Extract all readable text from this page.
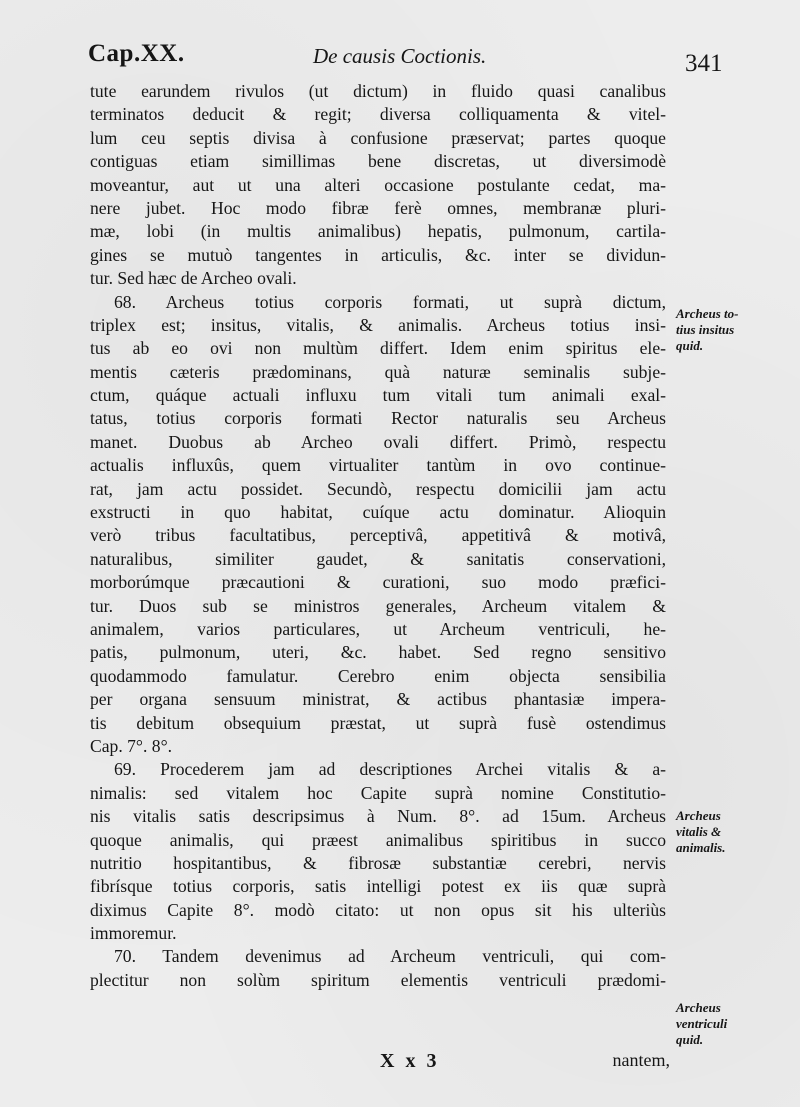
Cap.XX.	De causis Coctionis.	341
tute earundem rivulos (ut dictum) in fluido quasi canalibus
terminatos deducit & regit; diversa colliquamenta & vitel-
lum ceu septis divisa à confusione præservat; partes quoque
contiguas etiam simillimas bene discretas, ut diversimodè
moveantur, aut ut una alteri occasione postulante cedat, ma-
nere jubet. Hoc modo fibræ ferè omnes, membranæ pluri-
mæ, lobi (in multis animalibus) hepatis, pulmonum, cartila-
gines se mutuò tangentes in articulis, &c. inter se dividun-
tur. Sed hæc de Archeo ovali.
68. Archeus totius corporis formati, ut suprà dictum,
triplex est; insitus, vitalis, & animalis. Archeus totius insi-
tus ab eo ovi non multùm differt. Idem enim spiritus ele-
mentis cæteris prædominans, quà naturæ seminalis subje-
ctum, quáque actuali influxu tum vitali tum animali exal-
tatus, totius corporis formati Rector naturalis seu Archeus
manet. Duobus ab Archeo ovali differt. Primò, respectu
actualis influxûs, quem virtualiter tantùm in ovo continue-
rat, jam actu possidet. Secundò, respectu domicilii jam actu
exstructi in quo habitat, cuíque actu dominatur. Alioquin
verò tribus facultatibus, perceptivâ, appetitivâ & motivâ,
naturalibus, similiter gaudet, & sanitatis conservationi,
morborúmque præcautioni & curationi, suo modo præfici-
tur. Duos sub se ministros generales, Archeum vitalem &
animalem, varios particulares, ut Archeum ventriculi, he-
patis, pulmonum, uteri, &c. habet. Sed regno sensitivo
quodammodo famulatur. Cerebro enim objecta sensibilia
per organa sensuum ministrat, & actibus phantasiæ impera-
tis debitum obsequium præstat, ut suprà fusè ostendimus
Cap. 7°. 8°.
69. Procederem jam ad descriptiones Archei vitalis & a-
nimalis: sed vitalem hoc Capite suprà nomine Constitutio-
nis vitalis satis descripsimus à Num. 8°. ad 15um. Archeus
quoque animalis, qui præest animalibus spiritibus in succo
nutritio hospitantibus, & fibrosæ substantiæ cerebri, nervis
fibrísque totius corporis, satis intelligi potest ex iis quæ suprà
diximus Capite 8°. modò citato: ut non opus sit his ulteriùs
immoremur.
70. Tandem devenimus ad Archeum ventriculi, qui com-
plectitur non solùm spiritum elementis ventriculi prædomi-
Archeus to-
tius insitus
quid.
Archeus
vitalis &
animalis.
Archeus
ventriculi
quid.
X x 3	nantem,
